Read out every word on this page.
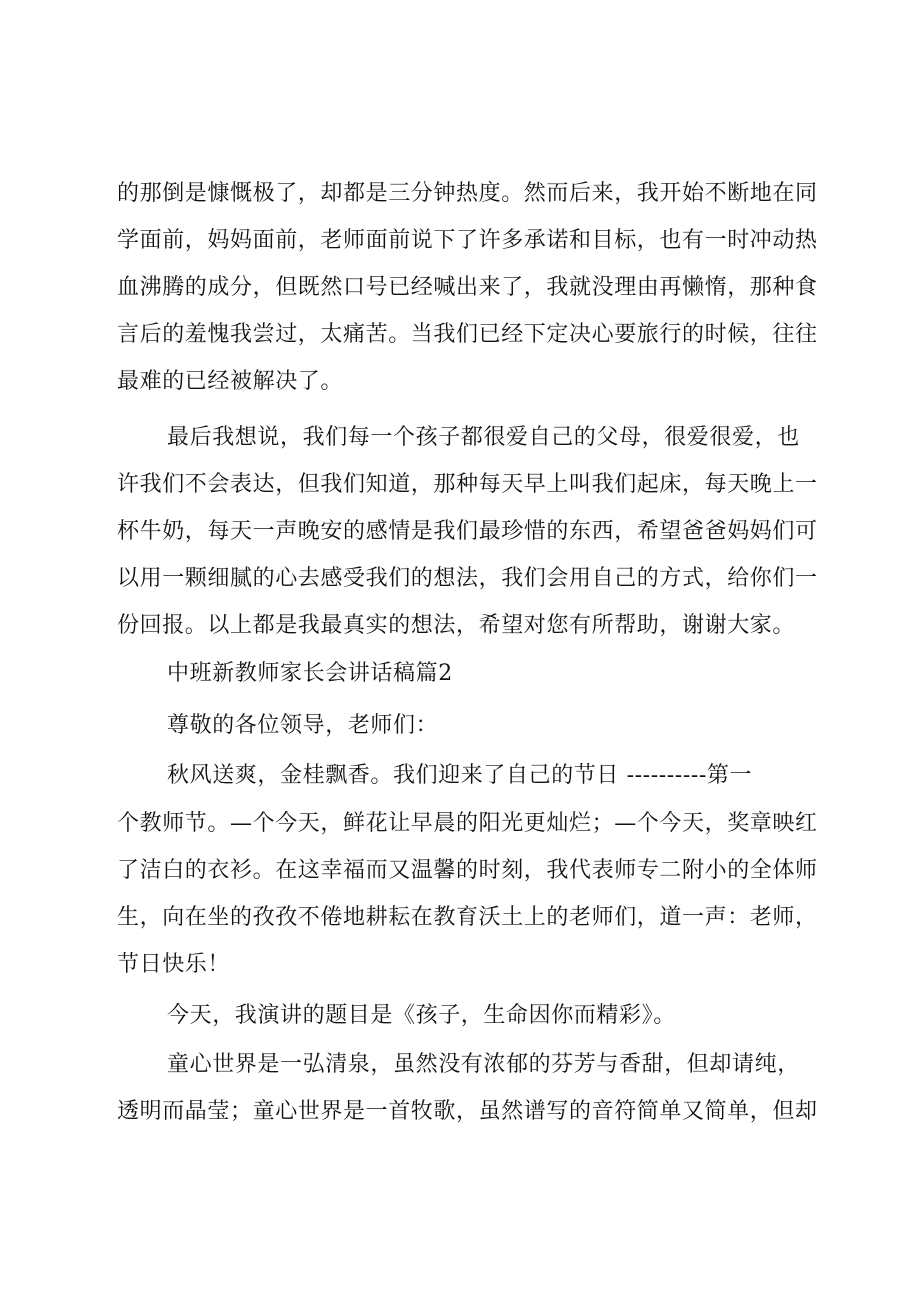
的那倒是慷慨极了，却都是三分钟热度。然而后来，我开始不断地在同
学面前，妈妈面前，老师面前说下了许多承诺和目标，也有一时冲动热
血沸腾的成分，但既然口号已经喊出来了，我就没理由再懒惰，那种食
言后的羞愧我尝过，太痛苦。当我们已经下定决心要旅行的时候，往往
最难的已经被解决了。
最后我想说，我们每一个孩子都很爱自己的父母，很爱很爱，也
许我们不会表达，但我们知道，那种每天早上叫我们起床，每天晚上一
杯牛奶，每天一声晚安的感情是我们最珍惜的东西，希望爸爸妈妈们可
以用一颗细腻的心去感受我们的想法，我们会用自己的方式，给你们一
份回报。以上都是我最真实的想法，希望对您有所帮助，谢谢大家。
中班新教师家长会讲话稿篇2
尊敬的各位领导，老师们：
秋风送爽，金桂飘香。我们迎来了自己的节日 ----------第一
个教师节。—个今天，鲜花让早晨的阳光更灿烂；—个今天，奖章映红
了洁白的衣衫。在这幸福而又温馨的时刻，我代表师专二附小的全体师
生，向在坐的孜孜不倦地耕耘在教育沃土上的老师们，道一声：老师，
节日快乐！
今天，我演讲的题目是《孩子，生命因你而精彩》。
童心世界是一弘清泉，虽然没有浓郁的芬芳与香甜，但却请纯，
透明而晶莹；童心世界是一首牧歌，虽然谱写的音符简单又简单，但却
